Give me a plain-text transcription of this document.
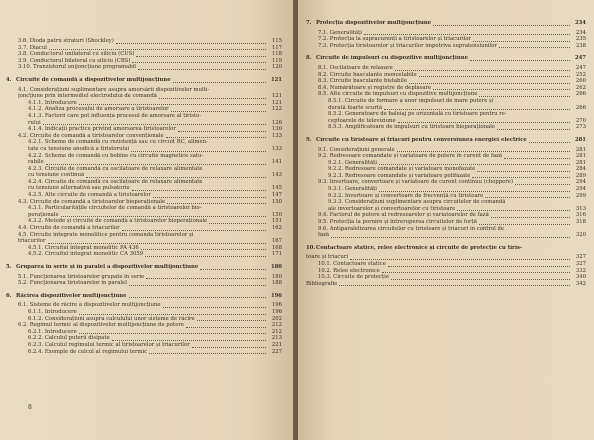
3.6. Dioda patru straturi (Shockley)	115
3.7. Diacul	117
3.8. Conductorul unilateral cu siliciu (CUS)	118
3.9. Conductorul bilateral cu siliciu (CBS)	119
3.10. Tranzistorul unijoncțiune programabil	120
4. Circuite de comandă a dispozitivelor multijoncțiune	121
4.1. Considerațiuni suplimentare asupra amorsării dispozitivelor multi-
joncțiune prin intermediul electrodului de comandă	121
4.1.1. Introducere	121
4.1.2. Analiza procesului de amorsare a tiristoarelor	122
4.1.3. Factorii care pot influența procesul de amorsare al tiristo-
rului	126
4.1.4. Indicații practice privind amorsarea tiristoarelor	130
4.2. Circuite de comandă a tiristoarelor convenționale	133
4.2.1. Scheme de comandă cu rezistență sau cu circuit RC, alimen-
tate cu tensiune anodică a tiristorului	133
4.2.2. Scheme de comandă cu bobine cu circuite magnetice satu-
rabile	141
4.2.3. Circuite de comandă cu oscilatoare de relaxare alimentate
cu tensiune continuă	143
4.2.4. Circuite de comandă cu oscilatoare de relaxare alimentate
cu tensiune alternativă sau pulsatorie	145
4.2.5. Alte circuite de comandă a tiristoarelor	147
4.3. Circuite de comandă a tiristoarelor bioperaționale	150
4.3.1. Particularitățile circuitelor de comandă a tiristoarelor bio-
peraționale	150
4.3.2. Metode și circuite de comandă a tiristoarelor bioperaționale	151
4.4. Circuite de comandă a triacurilor	162
4.5. Circuite integrate monolitice pentru comanda tiristoarelor și
triacurilor	167
4.5.1. Circuitul integrat monolitic PA 436	168
4.5.2. Circuitul integrat monolitic CA 3059	171
5. Gruparea în serie și în paralel a dispozitivelor multijoncțiune	180
5.1. Funcționarea tiristoarelor grupate în serie	180
5.2. Funcționarea tiristoarelor în paralel	188
6. Răcirea dispozitivelor multijoncțiune	196
6.1. Sisteme de răcire a dispozitivelor multijoncțiune	196
6.1.1. Introducere	196
6.1.2. Considerațiuni asupra calculului unor sisteme de răcire	202
6.2. Regimul termic al dispozitivelor multijoncțiune de putere	212
6.2.1. Introducere	212
6.2.2. Calculul puterii disipate	213
6.2.3. Calculul regimului termic al tiristoarelor și triacurilor	221
6.2.4. Exemple de calcul al regimului termic	227
8
7. Protecția dispozitivelor multijoncțiune	234
7.1. Generalități	234
7.2. Protecția la supracurenți a tiristoarelor și triacurilor	235
7.3. Protecția tiristoarelor și triacurilor împotriva supratensiunilor	238
8. Circuite de impulsuri cu dispozitive multijoncțiune	247
8.1. Oscilatoare de relaxare	247
8.2. Circuite basculante monostabile	252
8.3. Circuite basculante bistabile	260
8.4. Numărătoare și registre de deplasare	262
8.5. Alte circuite de impulsuri cu dispozitive multijoncțiune	266
8.5.1. Circuite de formare a unor impulsuri de mare putere și
durată foarte scurtă	266
8.5.2. Generatoare de baleiaj pe orizontală cu tiristoare pentru re-
ceptoarele de televiziune	270
8.5.3. Amplificatoare de impulsuri cu tiristoare bioperaționale	273
9. Circuite cu tiristoare și triacuri pentru conversiunea energiei electrice	281
9.1. Considerațiuni generale	281
9.2. Redresoare comandate și variatoare de putere în curent de fază	281
9.2.1. Generalități	281
9.2.2. Redresoare comandate și variatoare monofazate	284
9.2.3. Redresoare comandate și variatoare polifazate	289
9.3. Invertoare, convertoare și variatoare de curent continuu (choppere)	294
9.3.1. Generalități	294
9.3.2. Invertoare și convertoare de frecvență cu tiristoare	299
9.3.3. Considerațiuni suplimentare asupra circuitelor de comandă
ale invertoarelor și convertoarelor cu tiristoare	313
9.4. Factorul de putere al redresoarelor și variatoarelor de fază	316
9.5. Protecția la pornire și întreruperea circuitelor de forță	318
9.6. Antiparalelizarea circuitelor cu tiristoare și triacuri în control de
fază	320
10.Contactoare statice, relee electronice și circuite de protecție cu tiris-
toare și triacuri	327
10.1. Contactoare statice	327
10.2. Relee electronice	332
10.3. Circuite de protecție	340
Bibliografie	342
